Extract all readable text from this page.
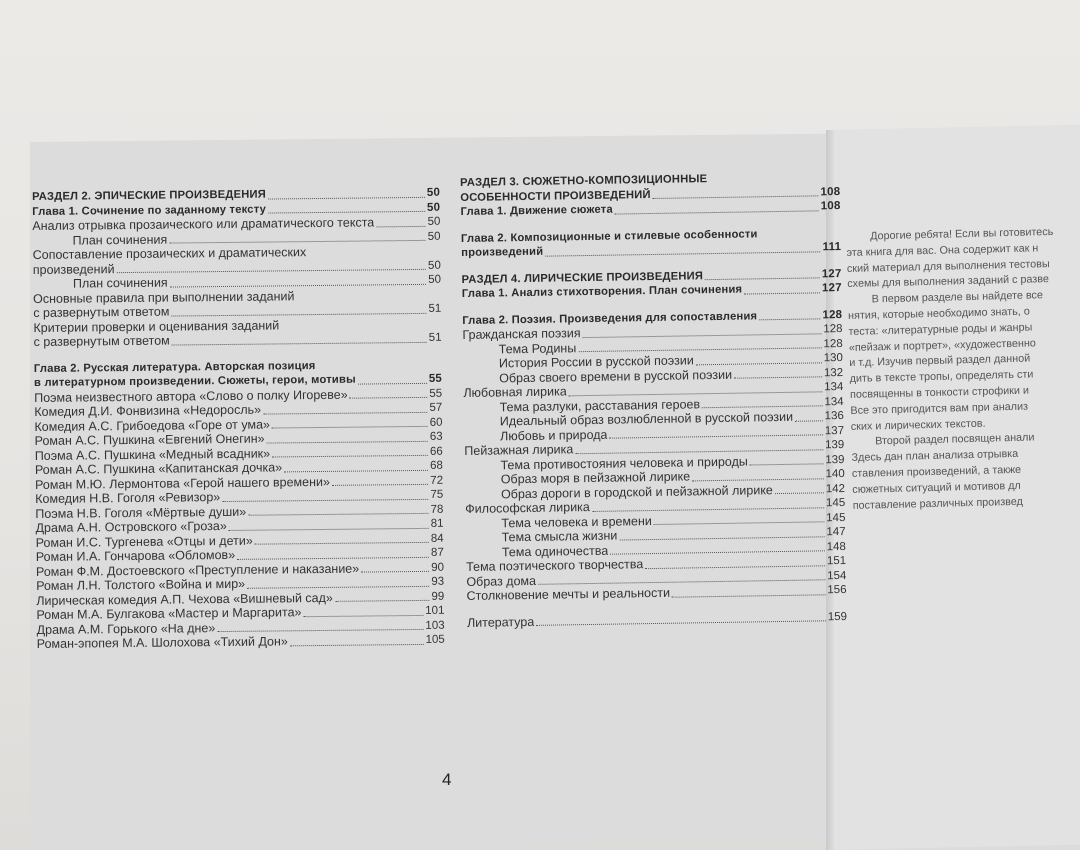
РАЗДЕЛ 2. ЭПИЧЕСКИЕ ПРОИЗВЕДЕНИЯ	50
Глава 1. Сочинение по заданному тексту	50
Анализ отрывка прозаического или драматического текста	50
План сочинения	50
Сопоставление прозаических и драматических
произведений	50
План сочинения	50
Основные правила при выполнении заданий
с развернутым ответом	51
Критерии проверки и оценивания заданий
с развернутым ответом	51
Глава 2. Русская литература. Авторская позиция
в литературном произведении. Сюжеты, герои, мотивы	55
Поэма неизвестного автора «Слово о полку Игореве»	55
Комедия Д.И. Фонвизина «Недоросль»	57
Комедия А.С. Грибоедова «Горе от ума»	60
Роман А.С. Пушкина «Евгений Онегин»	63
Поэма А.С. Пушкина «Медный всадник»	66
Роман А.С. Пушкина «Капитанская дочка»	68
Роман М.Ю. Лермонтова «Герой нашего времени»	72
Комедия Н.В. Гоголя «Ревизор»	75
Поэма Н.В. Гоголя «Мёртвые души»	78
Драма А.Н. Островского «Гроза»	81
Роман И.С. Тургенева «Отцы и дети»	84
Роман И.А. Гончарова «Обломов»	87
Роман Ф.М. Достоевского «Преступление и наказание»	90
Роман Л.Н. Толстого «Война и мир»	93
Лирическая комедия А.П. Чехова «Вишневый сад»	99
Роман М.А. Булгакова «Мастер и Маргарита»	101
Драма А.М. Горького «На дне»	103
Роман-эпопея М.А. Шолохова «Тихий Дон»	105
РАЗДЕЛ 3. СЮЖЕТНО-КОМПОЗИЦИОННЫЕ
ОСОБЕННОСТИ ПРОИЗВЕДЕНИЙ	108
Глава 1. Движение сюжета	108
Глава 2. Композиционные и стилевые особенности
произведений	111
РАЗДЕЛ 4. ЛИРИЧЕСКИЕ ПРОИЗВЕДЕНИЯ	127
Глава 1. Анализ стихотворения. План сочинения	127
Глава 2. Поэзия. Произведения для сопоставления	128
Гражданская поэзия	128
Тема Родины	128
История России в русской поэзии	130
Образ своего времени в русской поэзии	132
Любовная лирика	134
Тема разлуки, расставания героев	134
Идеальный образ возлюбленной в русской поэзии	136
Любовь и природа	137
Пейзажная лирика	139
Тема противостояния человека и природы	139
Образ моря в пейзажной лирике	140
Образ дороги в городской и пейзажной лирике	142
Философская лирика	145
Тема человека и времени	145
Тема смысла жизни	147
Тема одиночества	148
Тема поэтического творчества	151
Образ дома	154
Столкновение мечты и реальности	156
Литература	159

Дорогие ребята! Если вы готовитесь

эта книга для вас. Она содержит как н

ский материал для выполнения тестовы

схемы для выполнения заданий с разве

В первом разделе вы найдете все

нятия, которые необходимо знать, о

теста: «литературные роды и жанры

«пейзаж и портрет», «художественно

и т.д. Изучив первый раздел данной

дить в тексте тропы, определять сти

посвященны в тонкости строфики и

Все это пригодится вам при анализ

ских и лирических текстов.

Второй раздел посвящен анали

Здесь дан план анализа отрывка

ставления произведений, а также

сюжетных ситуаций и мотивов дл

поставление различных произвед

4
